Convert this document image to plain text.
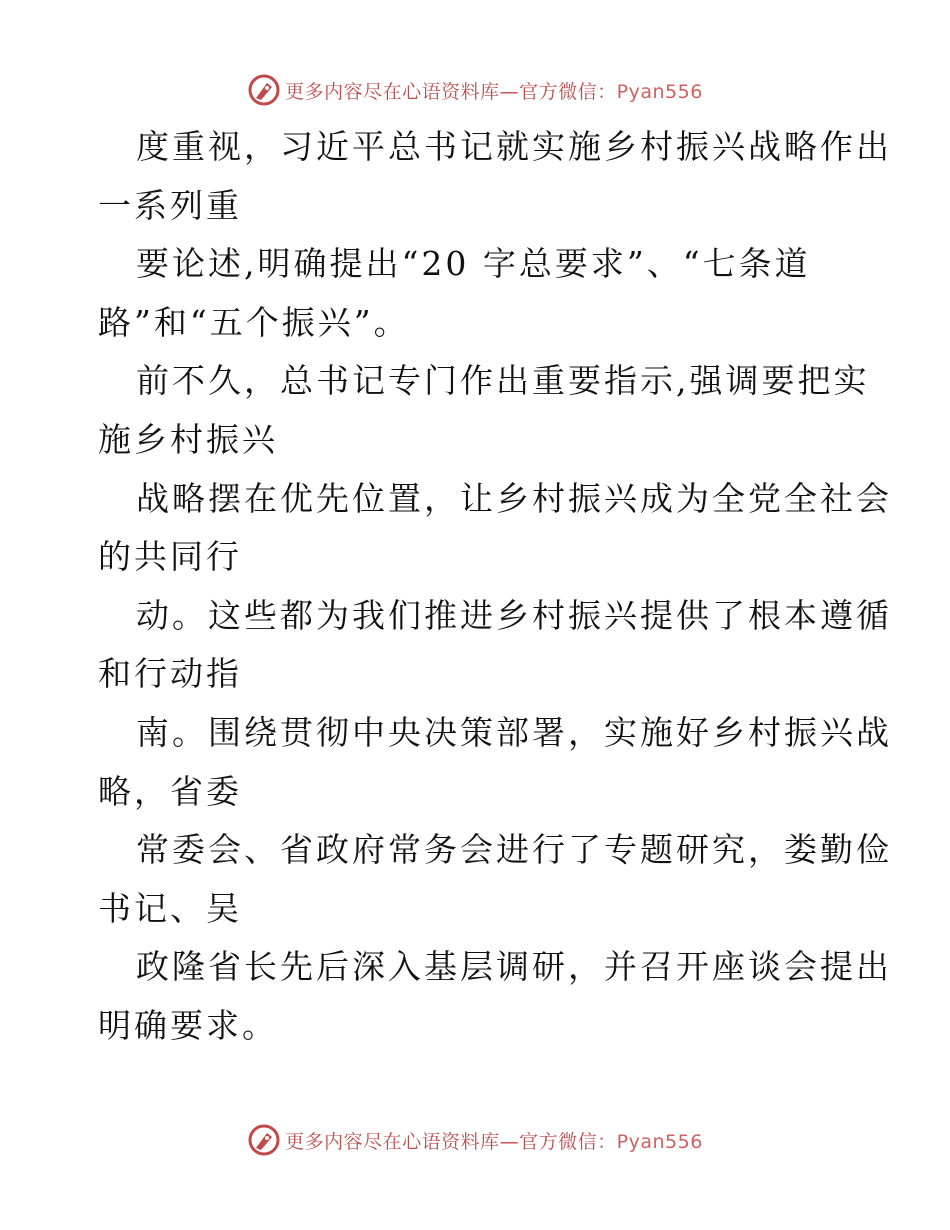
更多内容尽在心语资料库—官方微信：Pyan556
度重视，习近平总书记就实施乡村振兴战略作出
一系列重
要论述,明确提出“20 字总要求”、“七条道
路”和“五个振兴”。
前不久，总书记专门作出重要指示,强调要把实
施乡村振兴
战略摆在优先位置，让乡村振兴成为全党全社会
的共同行
动。这些都为我们推进乡村振兴提供了根本遵循
和行动指
南。围绕贯彻中央决策部署，实施好乡村振兴战
略，省委
常委会、省政府常务会进行了专题研究，娄勤俭
书记、吴
政隆省长先后深入基层调研，并召开座谈会提出
明确要求。
更多内容尽在心语资料库—官方微信：Pyan556
